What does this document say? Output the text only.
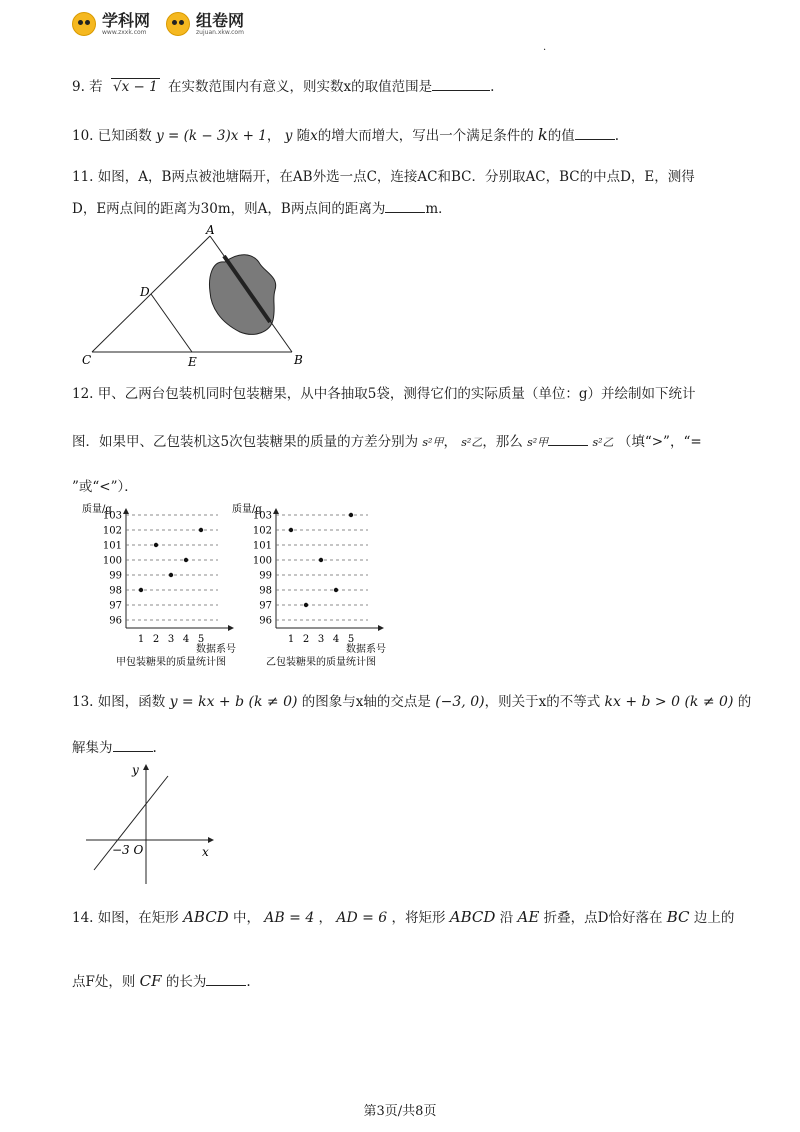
学科网
www.zxxk.com
组卷网
zujuan.xkw.com
.
9. 若 √x − 1 在实数范围内有意义，则实数x的取值范围是	.
10. 已知函数 y = (k − 3)x + 1， y 随x的增大而增大，写出一个满足条件的 k的值	.
11. 如图，A，B两点被池塘隔开，在AB外选一点C，连接AC和BC．分别取AC，BC的中点D，E，测得
D，E两点间的距离为30m，则A，B两点间的距离为	m．
A
B
C
D
E
12. 甲、乙两台包装机同时包装糖果，从中各抽取5袋，测得它们的实际质量（单位：g）并绘制如下统计
图．如果甲、乙包装机这5次包装糖果的质量的方差分别为 s²甲， s²乙，那么 s²甲	s²乙 （填“>”，“=
”或“<”）．
质量/g
96
97
98
99
100
101
102
103
1 2 3 4 5
数据系号
甲包装糖果的质量统计图
质量/g
96
97
98
99
100
101
102
103
1 2 3 4 5
数据系号
乙包装糖果的质量统计图
13. 如图，函数 y = kx + b (k ≠ 0) 的图象与x轴的交点是 (−3, 0)，则关于x的不等式 kx + b > 0 (k ≠ 0) 的
解集为	.
y
x
−3 O
14. 如图，在矩形 ABCD 中， AB = 4 ， AD = 6 ，将矩形 ABCD 沿 AE 折叠，点D恰好落在 BC 边上的
点F处，则 CF 的长为	.
第3页/共8页
